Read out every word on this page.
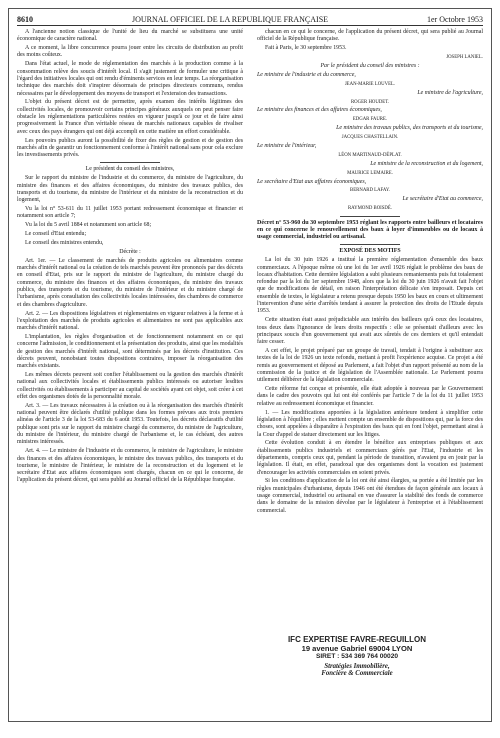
8610	JOURNAL OFFICIEL DE LA REPUBLIQUE FRANÇAISE	1er Octobre 1953

A l'ancienne notion classique de l'unité de lieu du marché se substituera une unité économique de caractère national.

A ce moment, la libre concurrence pourra jouer entre les circuits de distribution au profit des moins coûteux.

Dans l'état actuel, le mode de réglementation des marchés à la production comme à la consommation relève des soucis d'intérêt local. Il s'agit justement de formuler une critique à l'égard des initiatives locales qui ont rendu d'éminents services en leur temps. La réorganisation technique des marchés doit s'inspirer désormais de principes directeurs communs, rendus nécessaires par le développement des moyens de transport et l'extension des transactions.

L'objet du présent décret est de permettre, après examen des intérêts légitimes des collectivités locales, de promouvoir certains principes généraux auxquels on peut penser faire obstacle les réglementations particulières restées en vigueur jusqu'à ce jour et de faire ainsi progressivement la France d'un véritable réseau de marchés nationaux capables de rivaliser avec ceux des pays étrangers qui ont déjà accompli en cette matière un effort considérable.

Les pouvoirs publics auront la possibilité de fixer des règles de gestion et de gestion des marchés afin de garantir un fonctionnement conforme à l'intérêt national sans pour cela exclure les investissements privés.

Le président du conseil des ministres,

Sur le rapport du ministre de l'industrie et du commerce, du ministre de l'agriculture, du ministre des finances et des affaires économiques, du ministre des travaux publics, des transports et du tourisme, du ministre de l'intérieur et du ministre de la reconstruction et du logement,

Vu la loi n° 53-611 du 11 juillet 1953 portant redressement économique et financier et notamment son article 7;

Vu la loi du 5 avril 1884 et notamment son article 68;

Le conseil d'Etat entendu;

Le conseil des ministres entendu,

Décrète :

Art. 1er. — Le classement de marchés de produits agricoles ou alimentaires comme marchés d'intérêt national ou la création de tels marchés peuvent être prononcés par des décrets en conseil d'Etat, pris sur le rapport du ministre de l'agriculture, du ministre chargé du commerce, du ministre des finances et des affaires économiques, du ministre des travaux publics, des transports et du tourisme, du ministre de l'intérieur et du ministre chargé de l'urbanisme, après consultation des collectivités locales intéressées, des chambres de commerce et des chambres d'agriculture.

Art. 2. — Les dispositions législatives et réglementaires en vigueur relatives à la ferme et à l'exploitation des marchés de produits agricoles et alimentaires ne sont pas applicables aux marchés d'intérêt national.

L'implantation, les règles d'organisation et de fonctionnement notamment en ce qui concerne l'admission, le conditionnement et la présentation des produits, ainsi que les modalités de gestion des marchés d'intérêt national, sont déterminés par les décrets d'institution. Ces décrets peuvent, nonobstant toutes dispositions contraires, imposer la réorganisation des marchés existants.

Les mêmes décrets peuvent soit confier l'établissement ou la gestion des marchés d'intérêt national aux collectivités locales et établissements publics intéressés ou autoriser lesdites collectivités ou établissements à participer au capital de sociétés ayant cet objet, soit créer à cet effet des organismes dotés de la personnalité morale.

Art. 3. — Les travaux nécessaires à la création ou à la réorganisation des marchés d'intérêt national peuvent être déclarés d'utilité publique dans les formes prévues aux trois premiers alinéas de l'article 3 de la loi 53-683 du 6 août 1953. Toutefois, les décrets déclaratifs d'utilité publique sont pris sur le rapport du ministre chargé du commerce, du ministre de l'agriculture, du ministre de l'intérieur, du ministre chargé de l'urbanisme et, le cas échéant, des autres ministres intéressés.

Art. 4. — Le ministre de l'industrie et du commerce, le ministre de l'agriculture, le ministre des finances et des affaires économiques, le ministre des travaux publics, des transports et du tourisme, le ministre de l'intérieur, le ministre de la reconstruction et du logement et le secrétaire d'Etat aux affaires économiques sont chargés, chacun en ce qui le concerne, de l'application du présent décret, qui sera publié au Journal officiel de la République française.

chacun en ce qui le concerne, de l'application du présent décret, qui sera publié au Journal officiel de la République française.

Fait à Paris, le 30 septembre 1953.

JOSEPH LANIEL.

Par le président du conseil des ministres :

Le ministre de l'industrie et du commerce,

JEAN-MARIE LOUVEL.

Le ministre de l'agriculture,

ROGER HOUDET.

Le ministre des finances et des affaires économiques,

EDGAR FAURE.

Le ministre des travaux publics, des transports et du tourisme,

JACQUES CHASTELLAIN.

Le ministre de l'intérieur,

LÉON MARTINAUD-DÉPLAT.

Le ministre de la reconstruction et du logement,

MAURICE LEMAIRE.

Le secrétaire d'Etat aux affaires économiques,

BERNARD LAFAY.

Le secrétaire d'Etat au commerce,

RAYMOND BOISDÉ.

Décret n° 53-960 du 30 septembre 1953 réglant les rapports entre bailleurs et locataires en ce qui concerne le renouvellement des baux à loyer d'immeubles ou de locaux à usage commercial, industriel ou artisanal.

EXPOSÉ DES MOTIFS

La loi du 30 juin 1926 a institué la première réglementation d'ensemble des baux commerciaux. A l'époque même où une loi du 1er avril 1926 réglait le problème des baux de locaux d'habitation. Cette dernière législation a subi plusieurs remaniements puis fut totalement refondue par la loi du 1er septembre 1948, alors que la loi du 30 juin 1926 n'avait fait l'objet que de modifications de détail, en raison l'interprétation délicate s'en imposait. Depuis cet ensemble de textes, le législateur a retenu presque depuis 1950 les baux en cours et ultimement l'intervention d'une série d'arrêtés tendant à assurer la protection des droits de l'Etude depuis 1953.

Cette situation était aussi préjudiciable aux intérêts des bailleurs qu'à ceux des locataires, tous deux dans l'ignorance de leurs droits respectifs : elle se présentait d'ailleurs avec les principaux soucis d'un gouvernement qui avait aux sûretés de ces derniers et qu'il entendait faire cesser.

A cet effet, le projet préparé par un groupe de travail, tendait à l'origine à substituer aux textes de la loi de 1926 un texte refondu, mettant à profit l'expérience acquise. Ce projet a été remis au gouvernement et déposé au Parlement, a fait l'objet d'un rapport présenté au nom de la commission de la justice et de législation de l'Assemblée nationale. Le Parlement pourra utilement délibérer de la législation commerciale.

Cette réforme fut conçue et présentée, elle était adoptée à nouveau par le Gouvernement dans le cadre des pouvoirs qui lui ont été conférés par l'article 7 de la loi du 11 juillet 1953 relative au redressement économique et financier.

1. — Les modifications apportées à la législation antérieure tendent à simplifier cette législation à l'équilibre ; elles mettent compte un ensemble de dispositions qui, par la force des choses, sont appelées à disparaître à l'expiration des baux qui en font l'objet, permettant ainsi à la Cour d'appel de statuer directement sur les litiges.

Cette évolution conduit à en étendre le bénéfice aux entreprises publiques et aux établissements publics industriels et commerciaux gérés par l'Etat, l'industrie et les départements, compris ceux qui, pendant la période de transition, n'avaient pu en jouir par la législation. Il était, en effet, paradoxal que des organismes dont la vocation est justement d'encourager les activités commerciales en soient privés.

Si les conditions d'application de la loi ont été ainsi élargies, sa portée a été limitée par les règles municipales d'urbanisme, depuis 1946 ont été étendues de façon générale aux locaux à usage commercial, industriel ou artisanal en vue d'assurer la stabilité des fonds de commerce dans le domaine de la mission dévolue par le législateur à l'entreprise et à l'établissement commercial.

IFC EXPERTISE FAVRE-REGUILLON
19 avenue Gabriel 69004 LYON
SIRET : 534 369 764 00020
Stratégies Immobilière,
Foncière & Commerciale
